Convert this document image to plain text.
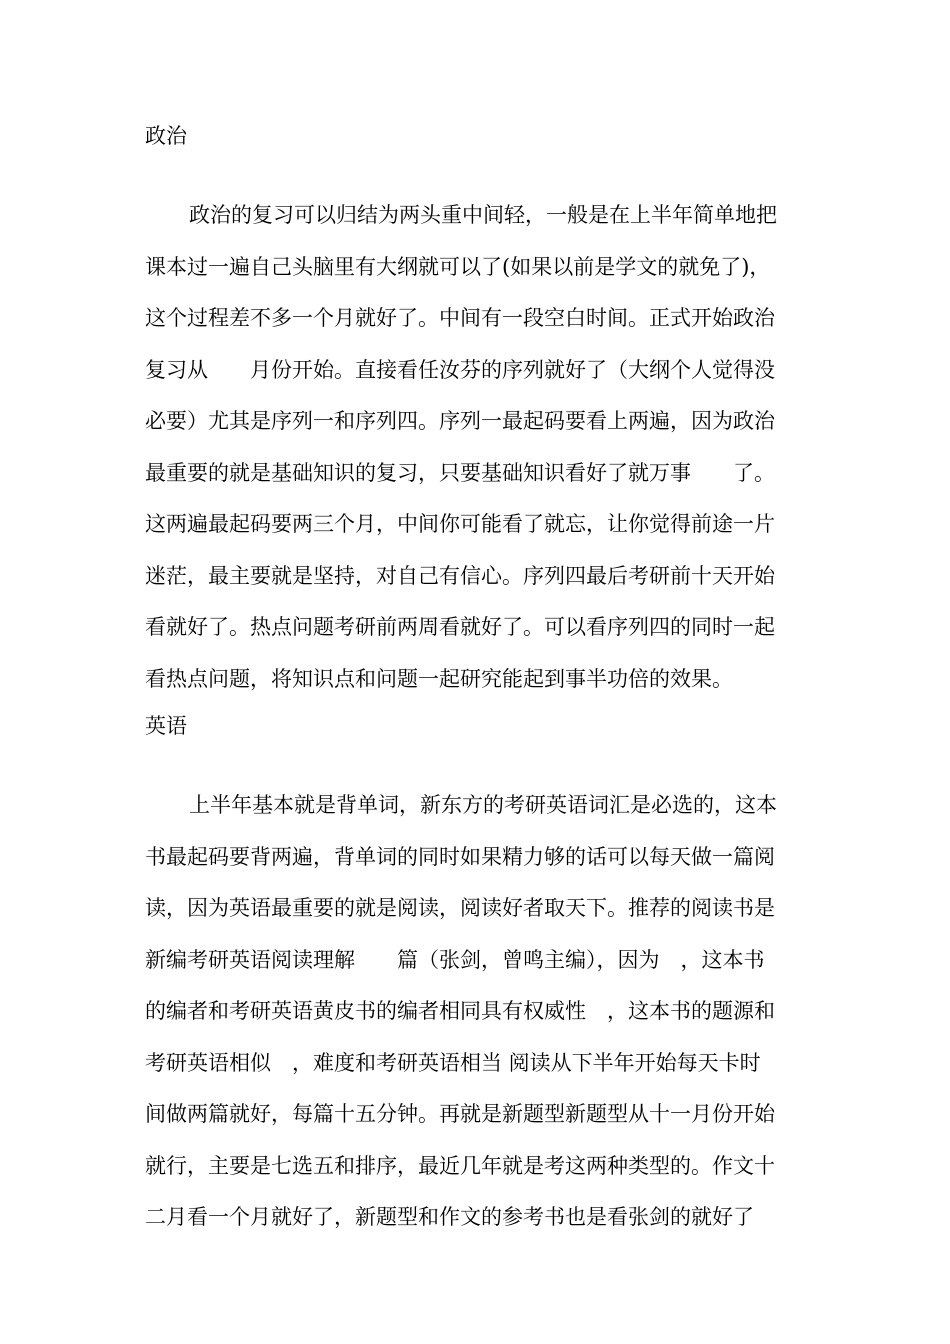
政治
政治的复习可以归结为两头重中间轻，一般是在上半年简单地把
课本过一遍自己头脑里有大纲就可以了(如果以前是学文的就免了)，
这个过程差不多一个月就好了。中间有一段空白时间。正式开始政治
复习从　　月份开始。直接看任汝芬的序列就好了（大纲个人觉得没
必要）尤其是序列一和序列四。序列一最起码要看上两遍，因为政治
最重要的就是基础知识的复习，只要基础知识看好了就万事　　了。
这两遍最起码要两三个月，中间你可能看了就忘，让你觉得前途一片
迷茫，最主要就是坚持，对自己有信心。序列四最后考研前十天开始
看就好了。热点问题考研前两周看就好了。可以看序列四的同时一起
看热点问题，将知识点和问题一起研究能起到事半功倍的效果。
英语
上半年基本就是背单词，新东方的考研英语词汇是必选的，这本
书最起码要背两遍，背单词的同时如果精力够的话可以每天做一篇阅
读，因为英语最重要的就是阅读，阅读好者取天下。推荐的阅读书是
新编考研英语阅读理解　　篇（张剑，曾鸣主编），因为　，这本书
的编者和考研英语黄皮书的编者相同具有权威性　，这本书的题源和
考研英语相似　，难度和考研英语相当 阅读从下半年开始每天卡时
间做两篇就好，每篇十五分钟。再就是新题型新题型从十一月份开始
就行，主要是七选五和排序，最近几年就是考这两种类型的。作文十
二月看一个月就好了，新题型和作文的参考书也是看张剑的就好了
